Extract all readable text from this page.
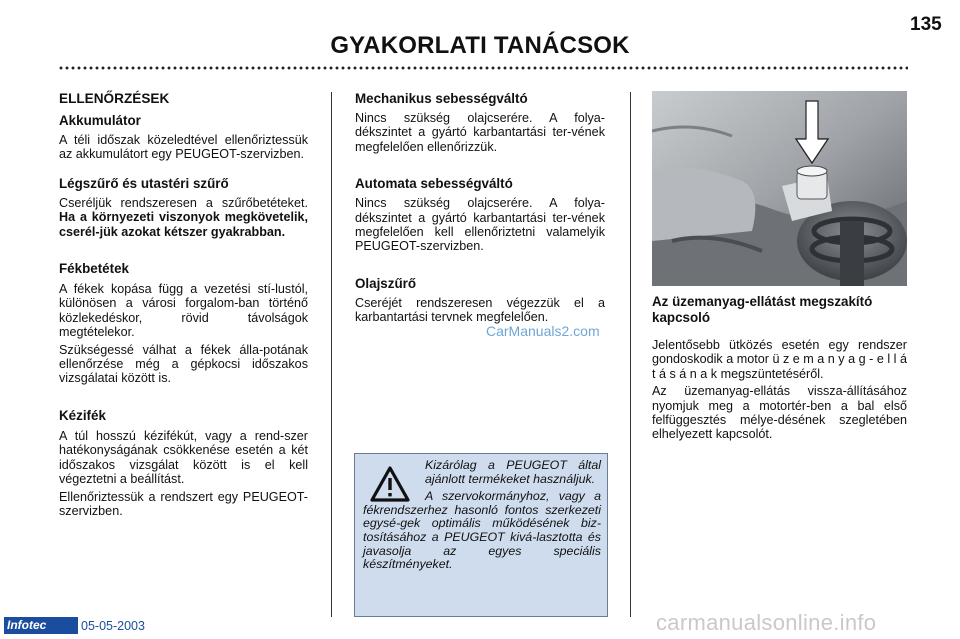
135
GYAKORLATI TANÁCSOK
ELLENŐRZÉSEK
Akkumulátor

A téli időszak közeledtével ellenőriztessük az akkumulátort egy PEUGEOT-szervizben.

Légszűrő és utastéri szűrő

Cseréljük rendszeresen a szűrőbetéteket. Ha a környezeti viszonyok megkövetelik, cserél-jük azokat kétszer gyakrabban.

Fékbetétek

A fékek kopása függ a vezetési stí-lustól, különösen a városi forgalom-ban történő közlekedéskor, rövid távolságok megtételekor.

Szükségessé válhat a fékek álla-potának ellenőrzése még a gépkocsi időszakos vizsgálatai között is.

Kézifék

A túl hosszú kézifékút, vagy a rend-szer hatékonyságának csökkenése esetén a két időszakos vizsgálat között is el kell végeztetni a beállítást.

Ellenőriztessük a rendszert egy PEUGEOT-szervizben.

Mechanikus sebességváltó

Nincs szükség olajcserére. A folya-dékszintet a gyártó karbantartási ter-vének megfelelően ellenőrizzük.

Automata sebességváltó

Nincs szükség olajcserére. A folya-dékszintet a gyártó karbantartási ter-vének megfelelően kell ellenőriztetni valamelyik PEUGEOT-szervizben.

Olajszűrő

Cseréjét rendszeresen végezzük el a karbantartási tervnek megfelelően.

CarManuals2.com

Kizárólag a PEUGEOT által ajánlott termékeket használjuk.

A szervokormányhoz, vagy a fékrendszerhez hasonló fontos szerkezeti egysé-gek optimális működésének biz-tosításához a PEUGEOT kivá-lasztotta és javasolja az egyes speciális készítményeket.

Az üzemanyag-ellátást megszakító kapcsoló

Jelentősebb ütközés esetén egy rendszer gondoskodik a motor ü z e m a n y a g - e l l á t á s á n a k megszüntetéséről.

Az üzemanyag-ellátás vissza-állításához nyomjuk meg a motortér-ben a bal első felfüggesztés mélye-désének szegletében elhelyezett kapcsolót.

Infotec	05-05-2003	carmanualsonline.info
